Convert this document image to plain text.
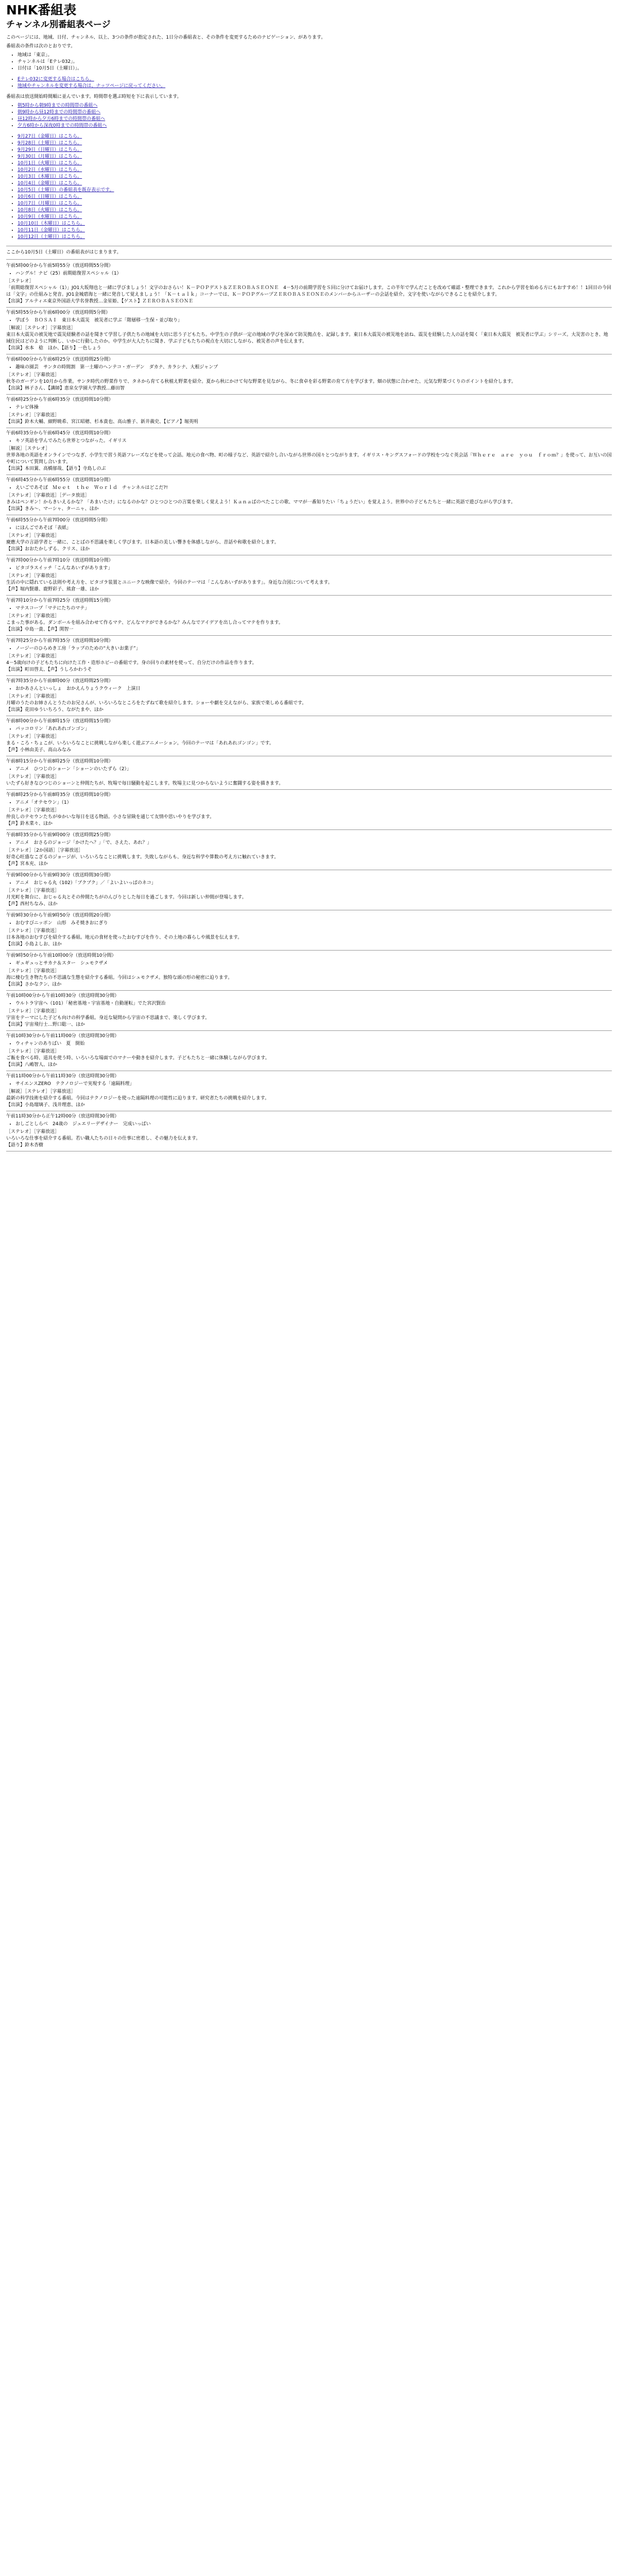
NHK番組表
チャンネル別番組表ページ

このページには、地域、日付、チャンネル、以上、3つの条件が指定された、1日分の番組表と、その条件を変更するためのナビゲーション、があります。

番組表の条件は次のとおりです。

• 地域は「東京」。
• チャンネルは「Eテレ032」。
• 日付は「10月5日（土曜日）」。
• Eテレ032に変更する場合はこちら。
• 地域やチャンネルを変更する場合は、ナッツページに戻ってください。

番組表は放送開始時間順に並んでいます。時間帯を選ぶ時短を下に表示しています。

• 朝5時から朝9時までの時間帯の番組へ
• 朝9時から昼12時までの時間帯の番組へ
• 昼12時から夕方6時までの時間帯の番組へ
• 夕方6時から深夜0時までの時間帯の番組へ
• 9月27日（金曜日）はこちら。
• 9月28日（土曜日）はこちら。
• 9月29日（日曜日）はこちら。
• 9月30日（月曜日）はこちら。
• 10月1日（火曜日）はこちら。
• 10月2日（水曜日）はこちら。
• 10月3日（木曜日）はこちら。
• 10月4日（金曜日）はこちら。
• 10月5日（土曜日）の番組表を既存表示です。
• 10月6日（日曜日）はこちら。
• 10月7日（月曜日）はこちら。
• 10月8日（火曜日）はこちら。
• 10月9日（水曜日）はこちら。
• 10月10日（木曜日）はこちら。
• 10月11日（金曜日）はこちら。
• 10月12日（土曜日）はこちら。

ここから10月5日（土曜日）の番組表がはじまります。

午前5時00分から午前5時55分（放送時間55分間）
• ハングル！ナビ（25）前期総復習スペシャル（1）
［ステレオ］
「前期総復習スペシャル（1）」JO1大坂翔也と一緒に学びましょう！文字のおさらい！Ｋ－ＰＯＰデスト＆ＺＥＲＯＢＡＳＥＯＮＥ　4－5月の前期学習をＳ回に分けてお届けします。この半年で学んだことを改めて確認・整理できます。これから学習を始める方にもおすすめ！！1回目の今回は「文字」の仕組みと発音。JO1金城碧海と一緒に発音して覚えましょう！「Ｋ－ｔａｌｋ」コーナーでは、Ｋ－ＰＯＰグループＺＥＲＯＢＡＳＥＯＮＥのメンバーからユーザーの会話を紹介。文字を使いながらできることを紹介します。
【出演】アルティエ東京外国語大学名誉教授…金星姫、【ゲスト】ＺＥＲＯＢＡＳＥＯＮＥ
午前5時55分から午前6時00分（放送時間5分間）
• 学ぼう　ＢＯＳＡＩ　東日本大震災　被災者に学ぶ「階層移一生保・並び取り」
［解説］［ステレオ］［字幕放送］
東日本大震災の被災地で震災経験者の話を聞きて学習し子供たちの地域を大切に思う子どもたち。中学生の子供が一定の地域の学びを深めて防災拠点を、記録します。東日本大震災の被災地を訪ね、震災を経験した人の話を聞く「東日本大震災　被災者に学ぶ」シリーズ。大災害のとき、地域住民はどのように判断し、いかに行動したのか。中学生が大人たちに聞き、学ぶ子どもたちの視点を大切にしながら、被災者の声を伝えます。
【出演】水本　稔　ほか、【語り】一色しょう
午前6時00分から午前6時25分（放送時間25分間）
• 趣味の園芸　サンタの時間割　第一土曜のヘンテコ・ガーデン　ダカナ、カラシナ、大根ジャンプ
［ステレオ］［字幕放送］
秋冬のガーデンを10月から作業。サンタ時代の野菜作りで、タネから育てる秋植え野菜を紹介。夏から秋にかけて旬な野菜を見ながら、冬に食卓を彩る野菜の育て方を学びます。畑の状態に合わせた、元気な野菜づくりのポイントを紹介します。
【出演】林子さん、【講師】恵泉女学園大学教授…藤田智
午前6時25分から午前6時35分（放送時間10分間）
• テレビ体操
［ステレオ］［字幕放送］
【出演】鈴木大輔、細野暁希、宮江昭穂、杉本貴也、高山雅子、新井義史、【ピアノ】堀英明
午前6時35分から午前6時45分（放送時間10分間）
• キソ英語を学んでみたら世界とつながった。イギリス
［解説］［ステレオ］
世界各地の英語をオンラインでつなぎ、小学生で習う英語フレーズなどを使って会話。地元の食べ物、町の様子など、英語で紹介し合いながら世界の国々とつながります。イギリス・キングスフォードの学校をつなぐ英会話「Ｗｈｅｒｅ　ａｒｅ　ｙｏｕ　ｆｒｏｍ？」を使って、お互いの国や町について質問し合います。
【出演】本田翼、高橋郁哉、【語り】寺島しのぶ
午前6時45分から午前6時55分（放送時間10分間）
• えいごであそぼ　Ｍｅｅｔ　ｔｈｅ　Ｗｏｒｌｄ　チャンネルはどこだ?!
［ステレオ］［字幕放送］［データ放送］
きみはペンギン！からきいえるかな？「あまいたけ」になるのかな？ひとつひとつの言葉を楽しく覚えよう！Ｋａｎａぱのぺたこじの歌、ママが一番知りたい「ちょうだい」を覚えよう。世界中の子どもたちと一緒に英語で遊びながら学びます。
【出演】きみ～、マーシャ、ターニャ、ほか
午前6時55分から午前7時00分（放送時間5分間）
• にほんごであそぼ「表紙」
［ステレオ］［字幕放送］
慶應大学の言語学者と一緒に、ことばの不思議を楽しく学びます。日本語の美しい響きを体感しながら、昔話や和歌を紹介します。
【出演】おおたかしずる、クリス、ほか
午前7時00分から午前7時10分（放送時間10分間）
• ピタゴラスイッチ「こんなあいずがあります」
［ステレオ］［字幕放送］
生活の中に隠れている法則や考え方を、ピタゴラ装置とユニークな映像で紹介。今回のテーマは「こんなあいずがあります」。身近な合図について考えます。
【声】堀内賢雄、鹿野彩子、熊倉一雄、ほか
午前7時10分から午前7時25分（放送時間15分間）
• マテスコープ「マテにたちのマテ」
［ステレオ］［字幕放送］
こまった事がある。ダンボールを組み合わせて作るマテ、どんなマテができるかな？みんなでアイデアを出し合ってマテを作ります。
【出演】中島一貴、【声】関智一
午前7時25分から午前7時35分（放送時間10分間）
• ノージーのひらめき工房「ラップのための“大きいお菓子”」
［ステレオ］［字幕放送］
4－5歳向けの子どもたちに向けた工作・造形ホビーの番組です。身の回りの素材を使って、自分だけの作品を作ります。
【出演】町田啓太、【声】うしろかわうそ
午前7時35分から午前8時00分（放送時間25分間）
• おかあさんといっしょ　おかえんりょうクウィーク　上演日
［ステレオ］［字幕放送］
月曜のうたのお姉さんとうたのお兄さんが、いろいろなところをたずねて歌を紹介します。ショーや劇を交えながら、家族で楽しめる番組です。
【出演】花田ゆういちろう、ながたまや、ほか
午前8時00分から午前8時15分（放送時間15分間）
• パッコロリン「あれあれゴンゴン」
［ステレオ］［字幕放送］
まる・ころ・ちょこが、いろいろなことに挑戦しながら楽しく遊ぶアニメーション。今回のテーマは「あれあれゴンゴン」です。
【声】小林由美子、高山みなみ
午前8時15分から午前8時25分（放送時間10分間）
• アニメ　ひつじのショーン「ショーンのいたずら（2）」
［ステレオ］［字幕放送］
いたずら好きなひつじのショーンと仲間たちが、牧場で毎日騒動を起こします。牧場主に見つからないように奮闘する姿を描きます。
午前8時25分から午前8時35分（放送時間10分間）
• アニメ「オテセウン」（1）
［ステレオ］［字幕放送］
仲良しのテセウンたちがゆかいな毎日を送る物語。小さな冒険を通じて友情や思いやりを学びます。
【声】鈴木菜々、ほか
午前8時35分から午前9時00分（放送時間25分間）
• アニメ　おさるのジョージ「かけたへ？」「で、さえた、あれ？」
［ステレオ］［2か国語］［字幕放送］
好奇心旺盛なこざるのジョージが、いろいろなことに挑戦します。失敗しながらも、身近な科学や算数の考え方に触れていきます。
【声】宮本充、ほか
午前9時00分から午前9時30分（放送時間30分間）
• アニメ　おじゃる丸（102）「プクプク」／「よいよいっぱのネコ」
［ステレオ］［字幕放送］
月光町を舞台に、おじゃる丸とその仲間たちがのんびりとした毎日を過ごします。今回は新しい仲間が登場します。
【声】西村ちなみ、ほか
午前9時30分から午前9時50分（放送時間20分間）
• おむすびニッポン　山形　みそ焼きおにぎり
［ステレオ］［字幕放送］
日本各地のおむすびを紹介する番組。地元の食材を使ったおむすびを作り、その土地の暮らしや風景を伝えます。
【出演】小島よしお、ほか
午前9時50分から午前10時00分（放送時間10分間）
• ギュギュっとサカナ＆スター　シュモクザメ
［ステレオ］［字幕放送］
海に棲む生き物たちの不思議な生態を紹介する番組。今回はシュモクザメ。独特な頭の形の秘密に迫ります。
【出演】さかなクン、ほか
午前10時00分から午前10時30分（放送時間30分間）
• ウルトラ宇宙へ（101）「秘密基地・宇宙基地・自動運転」でた宮沢賢治
［ステレオ］［字幕放送］
宇宙をテーマにした子ども向けの科学番組。身近な疑問から宇宙の不思議まで、楽しく学びます。
【出演】宇宙飛行士…野口聡一、ほか
午前10時30分から午前11時00分（放送時間30分間）
• ウィチャンのありばい　夏　開始
［ステレオ］［字幕放送］
ご飯を食べる時、道具を使う時、いろいろな場面でのマナーや動きを紹介します。子どもたちと一緒に体験しながら学びます。
【出演】八嶋智人、ほか
午前11時00分から午前11時30分（放送時間30分間）
• サイエンスZERO　テクノロジーで実現する「遠隔料理」
［解説］［ステレオ］［字幕放送］
最新の科学技術を紹介する番組。今回はテクノロジーを使った遠隔料理の可能性に迫ります。研究者たちの挑戦を紹介します。
【出演】小島瑠璃子、浅井理恵、ほか
午前11時30分から正午12時00分（放送時間30分間）
• おしごとしらべ　24歳の　ジュエリーデザイナー　完成いっぱい
［ステレオ］［字幕放送］
いろいろな仕事を紹介する番組。若い職人たちの日々の仕事に密着し、その魅力を伝えます。
【語り】鈴木杏樹
